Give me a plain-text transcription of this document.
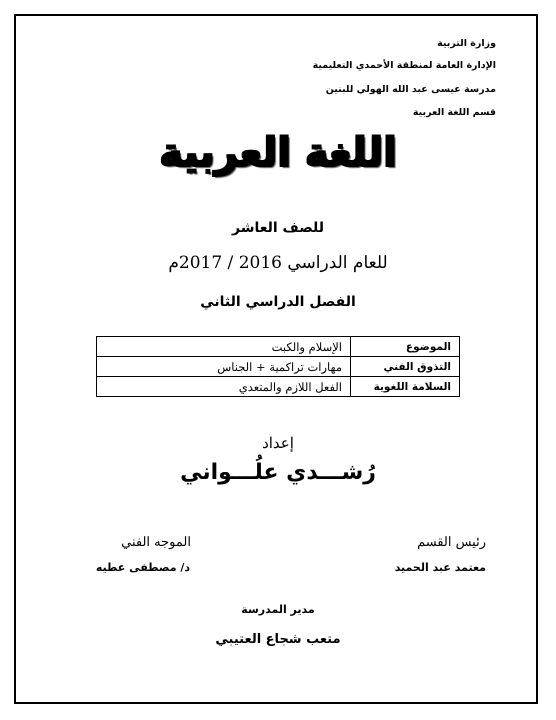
وزارة التربية
الإدارة العامة لمنطقة الأحمدي التعليمية
مدرسة عيسى عبد الله الهولي للبنين
قسم اللغة العربية
اللغة العربية
للصف العاشر
للعام الدراسي 2016 / 2017م
الفصل الدراسي الثاني
الموضوع	الإسلام والكبت
التذوق الفني	مهارات تراكمية + الجناس
السلامة اللغوية	الفعل اللازم والمتعدي
إعداد
رُشـــدي علُـــواني
رئيس القسم
معتمد عبد الحميد
الموجه الفني
د/ مصطفى عطيه
مدير المدرسة
متعب شجاع العتيبي
